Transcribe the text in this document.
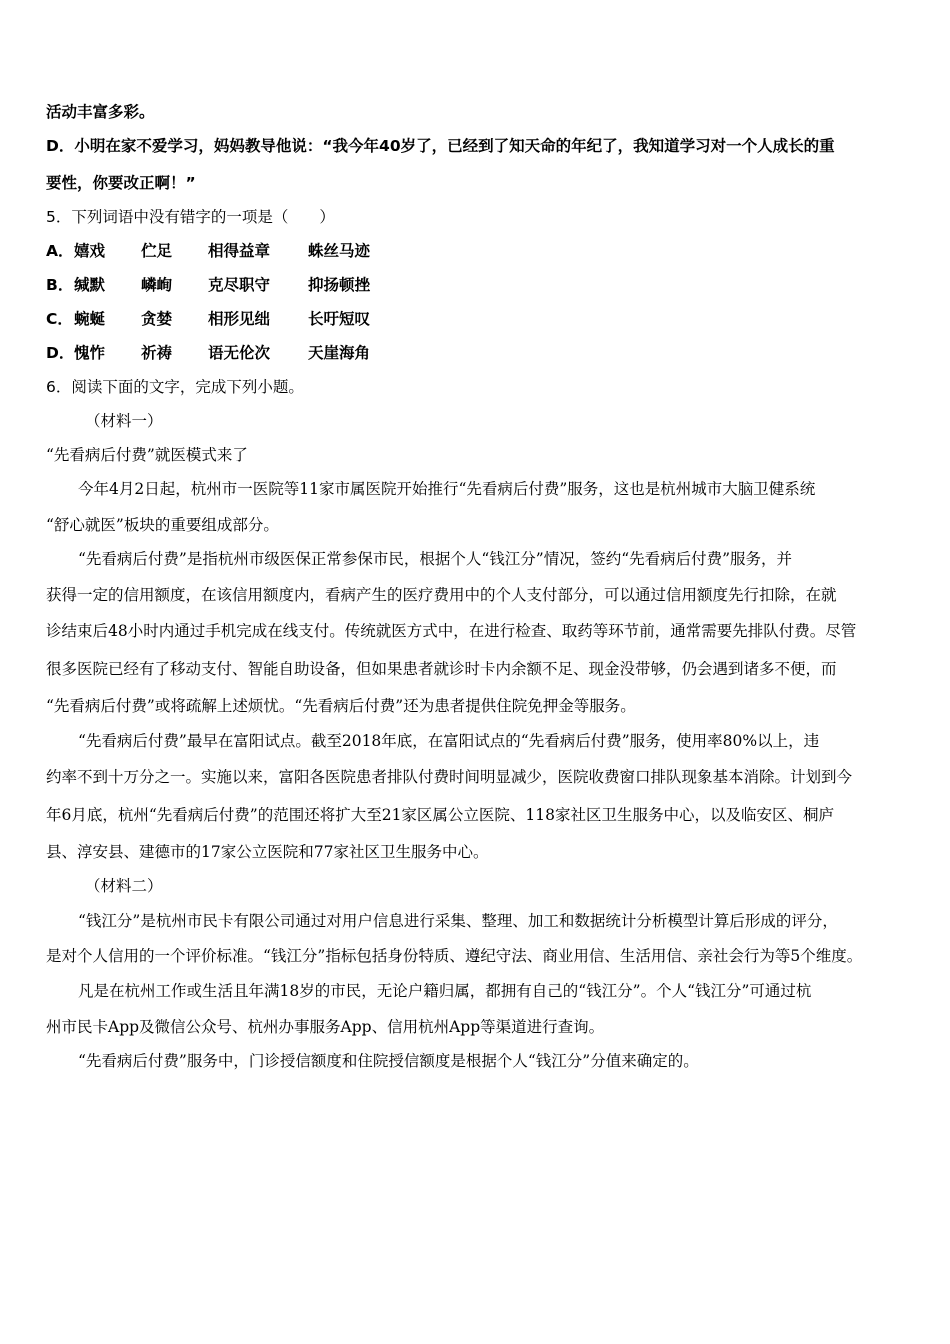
活动丰富多彩。
D．小明在家不爱学习，妈妈教导他说：“我今年40岁了，已经到了知天命的年纪了，我知道学习对一个人成长的重
要性，你要改正啊！”
5．下列词语中没有错字的一项是（　　）
A． 嬉戏 伫足 相得益章 蛛丝马迹
B． 缄默 嶙峋 克尽职守 抑扬顿挫
C． 蜿蜒 贪婪 相形见绌 长吁短叹
D． 愧怍 祈祷 语无伦次 天崖海角
6．阅读下面的文字，完成下列小题。
（材料一）
“先看病后付费”就医模式来了
今年4月2日起，杭州市一医院等11家市属医院开始推行“先看病后付费”服务，这也是杭州城市大脑卫健系统
“舒心就医”板块的重要组成部分。
“先看病后付费”是指杭州市级医保正常参保市民，根据个人“钱江分”情况，签约“先看病后付费”服务，并
获得一定的信用额度，在该信用额度内，看病产生的医疗费用中的个人支付部分，可以通过信用额度先行扣除，在就
诊结束后48小时内通过手机完成在线支付。传统就医方式中，在进行检查、取药等环节前，通常需要先排队付费。尽管
很多医院已经有了移动支付、智能自助设备，但如果患者就诊时卡内余额不足、现金没带够，仍会遇到诸多不便，而
“先看病后付费”或将疏解上述烦忧。“先看病后付费”还为患者提供住院免押金等服务。
“先看病后付费”最早在富阳试点。截至2018年底，在富阳试点的“先看病后付费”服务，使用率80%以上，违
约率不到十万分之一。实施以来，富阳各医院患者排队付费时间明显减少，医院收费窗口排队现象基本消除。计划到今
年6月底，杭州“先看病后付费”的范围还将扩大至21家区属公立医院、118家社区卫生服务中心，以及临安区、桐庐
县、淳安县、建德市的17家公立医院和77家社区卫生服务中心。
（材料二）
“钱江分”是杭州市民卡有限公司通过对用户信息进行采集、整理、加工和数据统计分析模型计算后形成的评分，
是对个人信用的一个评价标准。“钱江分”指标包括身份特质、遵纪守法、商业用信、生活用信、亲社会行为等5个维度。
凡是在杭州工作或生活且年满18岁的市民，无论户籍归属，都拥有自己的“钱江分”。个人“钱江分”可通过杭
州市民卡App及微信公众号、杭州办事服务App、信用杭州App等渠道进行查询。
“先看病后付费”服务中，门诊授信额度和住院授信额度是根据个人“钱江分”分值来确定的。
